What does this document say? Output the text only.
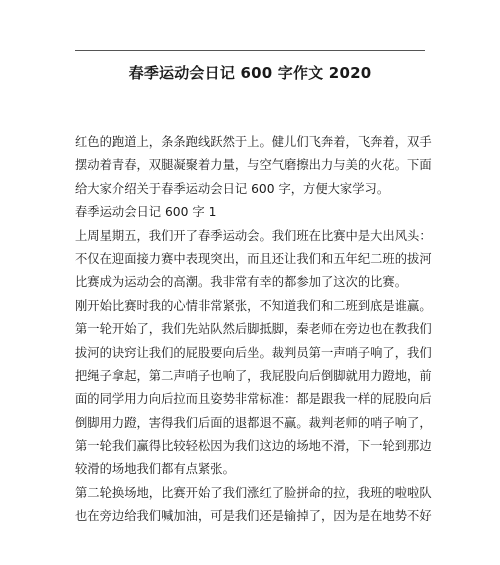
春季运动会日记 600 字作文 2020
红色的跑道上，条条跑线跃然于上。健儿们飞奔着，飞奔着，双手
摆动着青春，双腿凝聚着力量，与空气磨擦出力与美的火花。下面
给大家介绍关于春季运动会日记 600 字，方便大家学习。
春季运动会日记 600 字 1
上周星期五，我们开了春季运动会。我们班在比赛中是大出风头：
不仅在迎面接力赛中表现突出，而且还让我们和五年纪二班的拔河
比赛成为运动会的高潮。我非常有幸的都参加了这次的比赛。
刚开始比赛时我的心情非常紧张，不知道我们和二班到底是谁赢。
第一轮开始了，我们先站队然后脚抵脚，秦老师在旁边也在教我们
拔河的诀窍让我们的屁股要向后坐。裁判员第一声哨子响了，我们
把绳子拿起，第二声哨子也响了，我屁股向后倒脚就用力蹬地，前
面的同学用力向后拉而且姿势非常标准：都是跟我一样的屁股向后
倒脚用力蹬，害得我们后面的退都退不赢。裁判老师的哨子响了，
第一轮我们赢得比较轻松因为我们这边的场地不滑，下一轮到那边
较滑的场地我们都有点紧张。
第二轮换场地，比赛开始了我们涨红了脸拼命的拉，我班的啦啦队
也在旁边给我们喊加油，可是我们还是输掉了，因为是在地势不好
